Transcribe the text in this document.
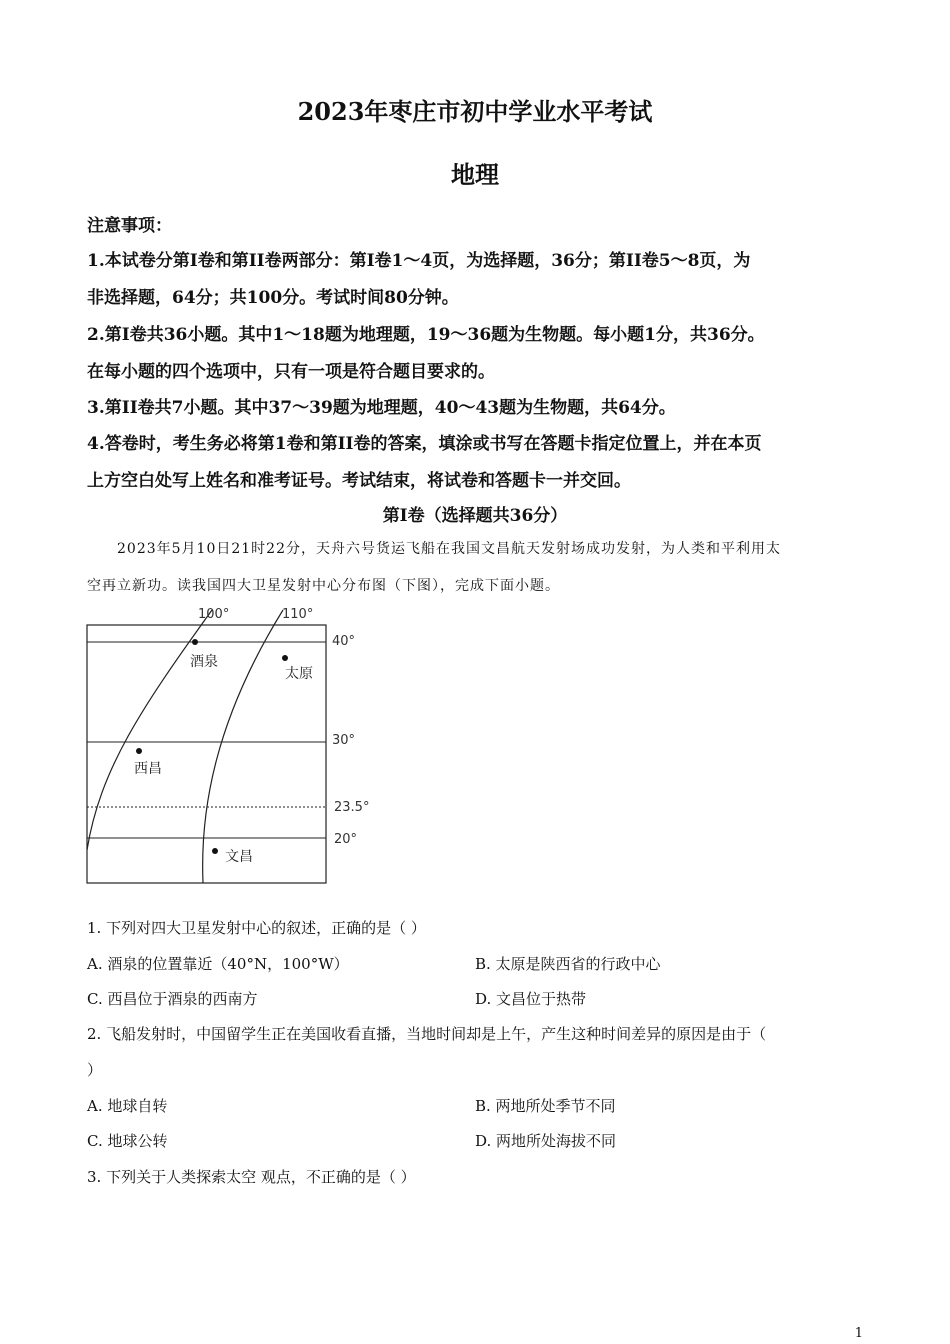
2023年枣庄市初中学业水平考试
地理
注意事项：
1.本试卷分第Ⅰ卷和第II卷两部分：第Ⅰ卷1～4页，为选择题，36分；第II卷5～8页，为
非选择题，64分；共100分。考试时间80分钟。
2.第Ⅰ卷共36小题。其中1～18题为地理题，19～36题为生物题。每小题1分，共36分。
在每小题的四个选项中，只有一项是符合题目要求的。
3.第II卷共7小题。其中37～39题为地理题，40～43题为生物题，共64分。
4.答卷时，考生务必将第1卷和第II卷的答案，填涂或书写在答题卡指定位置上，并在本页
上方空白处写上姓名和准考证号。考试结束，将试卷和答题卡一并交回。
第Ⅰ卷（选择题共36分）
2023年5月10日21时22分，天舟六号货运飞船在我国文昌航天发射场成功发射，为人类和平利用太
空再立新功。读我国四大卫星发射中心分布图（下图），完成下面小题。
100°	110°
40°
30°
23.5°
20°
酒泉
太原
西昌
文昌
1. 下列对四大卫星发射中心的叙述，正确的是（ ）
A. 酒泉的位置靠近（40°N，100°W）	B. 太原是陕西省的行政中心
C. 西昌位于酒泉的西南方	D. 文昌位于热带
2. 飞船发射时，中国留学生正在美国收看直播，当地时间却是上午，产生这种时间差异的原因是由于（
）
A. 地球自转	B. 两地所处季节不同
C. 地球公转	D. 两地所处海拔不同
3. 下列关于人类探索太空 观点，不正确的是（ ）
1
